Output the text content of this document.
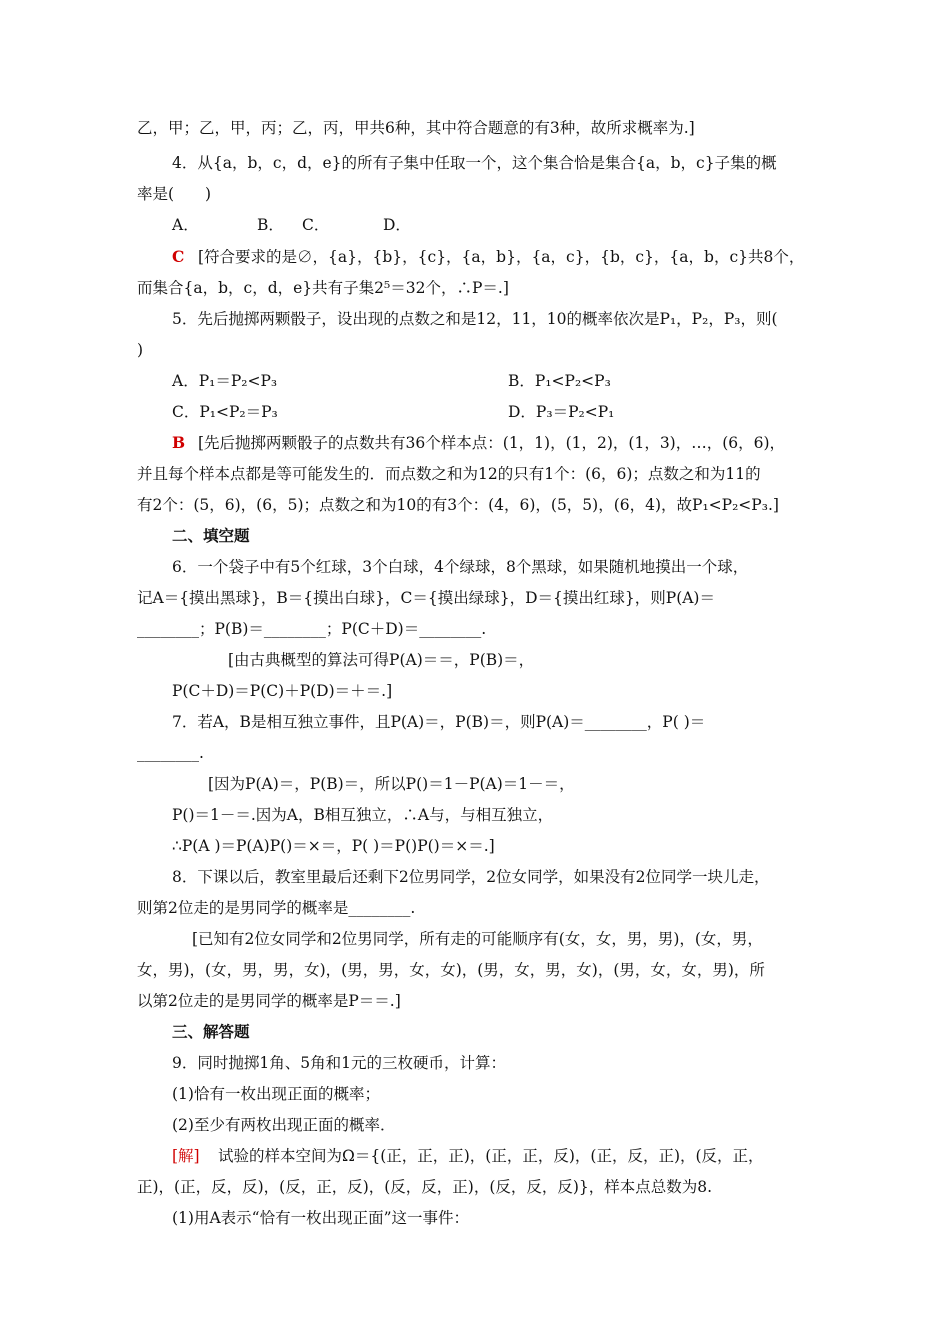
乙，甲；乙，甲，丙；乙，丙，甲共6种，其中符合题意的有3种，故所求概率为.]
4．从{a，b，c，d，e}的所有子集中任取一个，这个集合恰是集合{a，b，c}子集的概
率是(　　)
A．	B． C．	D．
C [符合要求的是∅，{a}，{b}，{c}，{a，b}，{a，c}，{b，c}，{a，b，c}共8个，
而集合{a，b，c，d，e}共有子集2⁵＝32个，∴P＝.]
5．先后抛掷两颗骰子，设出现的点数之和是12，11，10的概率依次是P₁，P₂，P₃，则(
)
A．P₁＝P₂<P₃	B．P₁<P₂<P₃
C．P₁<P₂＝P₃	D．P₃＝P₂<P₁
B [先后抛掷两颗骰子的点数共有36个样本点：(1，1)，(1，2)，(1，3)，…，(6，6)，
并且每个样本点都是等可能发生的．而点数之和为12的只有1个：(6，6)；点数之和为11的
有2个：(5，6)，(6，5)；点数之和为10的有3个：(4，6)，(5，5)，(6，4)，故P₁<P₂<P₃.]
二、填空题
6．一个袋子中有5个红球，3个白球，4个绿球，8个黑球，如果随机地摸出一个球，
记A＝{摸出黑球}，B＝{摸出白球}，C＝{摸出绿球}，D＝{摸出红球}，则P(A)＝
________；P(B)＝________；P(C＋D)＝________.
[由古典概型的算法可得P(A)＝＝，P(B)＝，
P(C＋D)＝P(C)＋P(D)＝＋＝.]
7．若A，B是相互独立事件，且P(A)＝，P(B)＝，则P(A)＝________，P( )＝
________.
[因为P(A)＝，P(B)＝，所以P()＝1－P(A)＝1－＝，
P()＝1－＝.因为A，B相互独立，∴A与，与相互独立，
∴P(A )＝P(A)P()＝×＝，P( )＝P()P()＝×＝.]
8．下课以后，教室里最后还剩下2位男同学，2位女同学，如果没有2位同学一块儿走，
则第2位走的是男同学的概率是________.
[已知有2位女同学和2位男同学，所有走的可能顺序有(女，女，男，男)，(女，男，
女，男)，(女，男，男，女)，(男，男，女，女)，(男，女，男，女)，(男，女，女，男)，所
以第2位走的是男同学的概率是P＝＝.]
三、解答题
9．同时抛掷1角、5角和1元的三枚硬币，计算：
(1)恰有一枚出现正面的概率；
(2)至少有两枚出现正面的概率．
[解] 试验的样本空间为Ω＝{(正，正，正)，(正，正，反)，(正，反，正)，(反，正，
正)，(正，反，反)，(反，正，反)，(反，反，正)，(反，反，反)}，样本点总数为8.
(1)用A表示“恰有一枚出现正面”这一事件：
